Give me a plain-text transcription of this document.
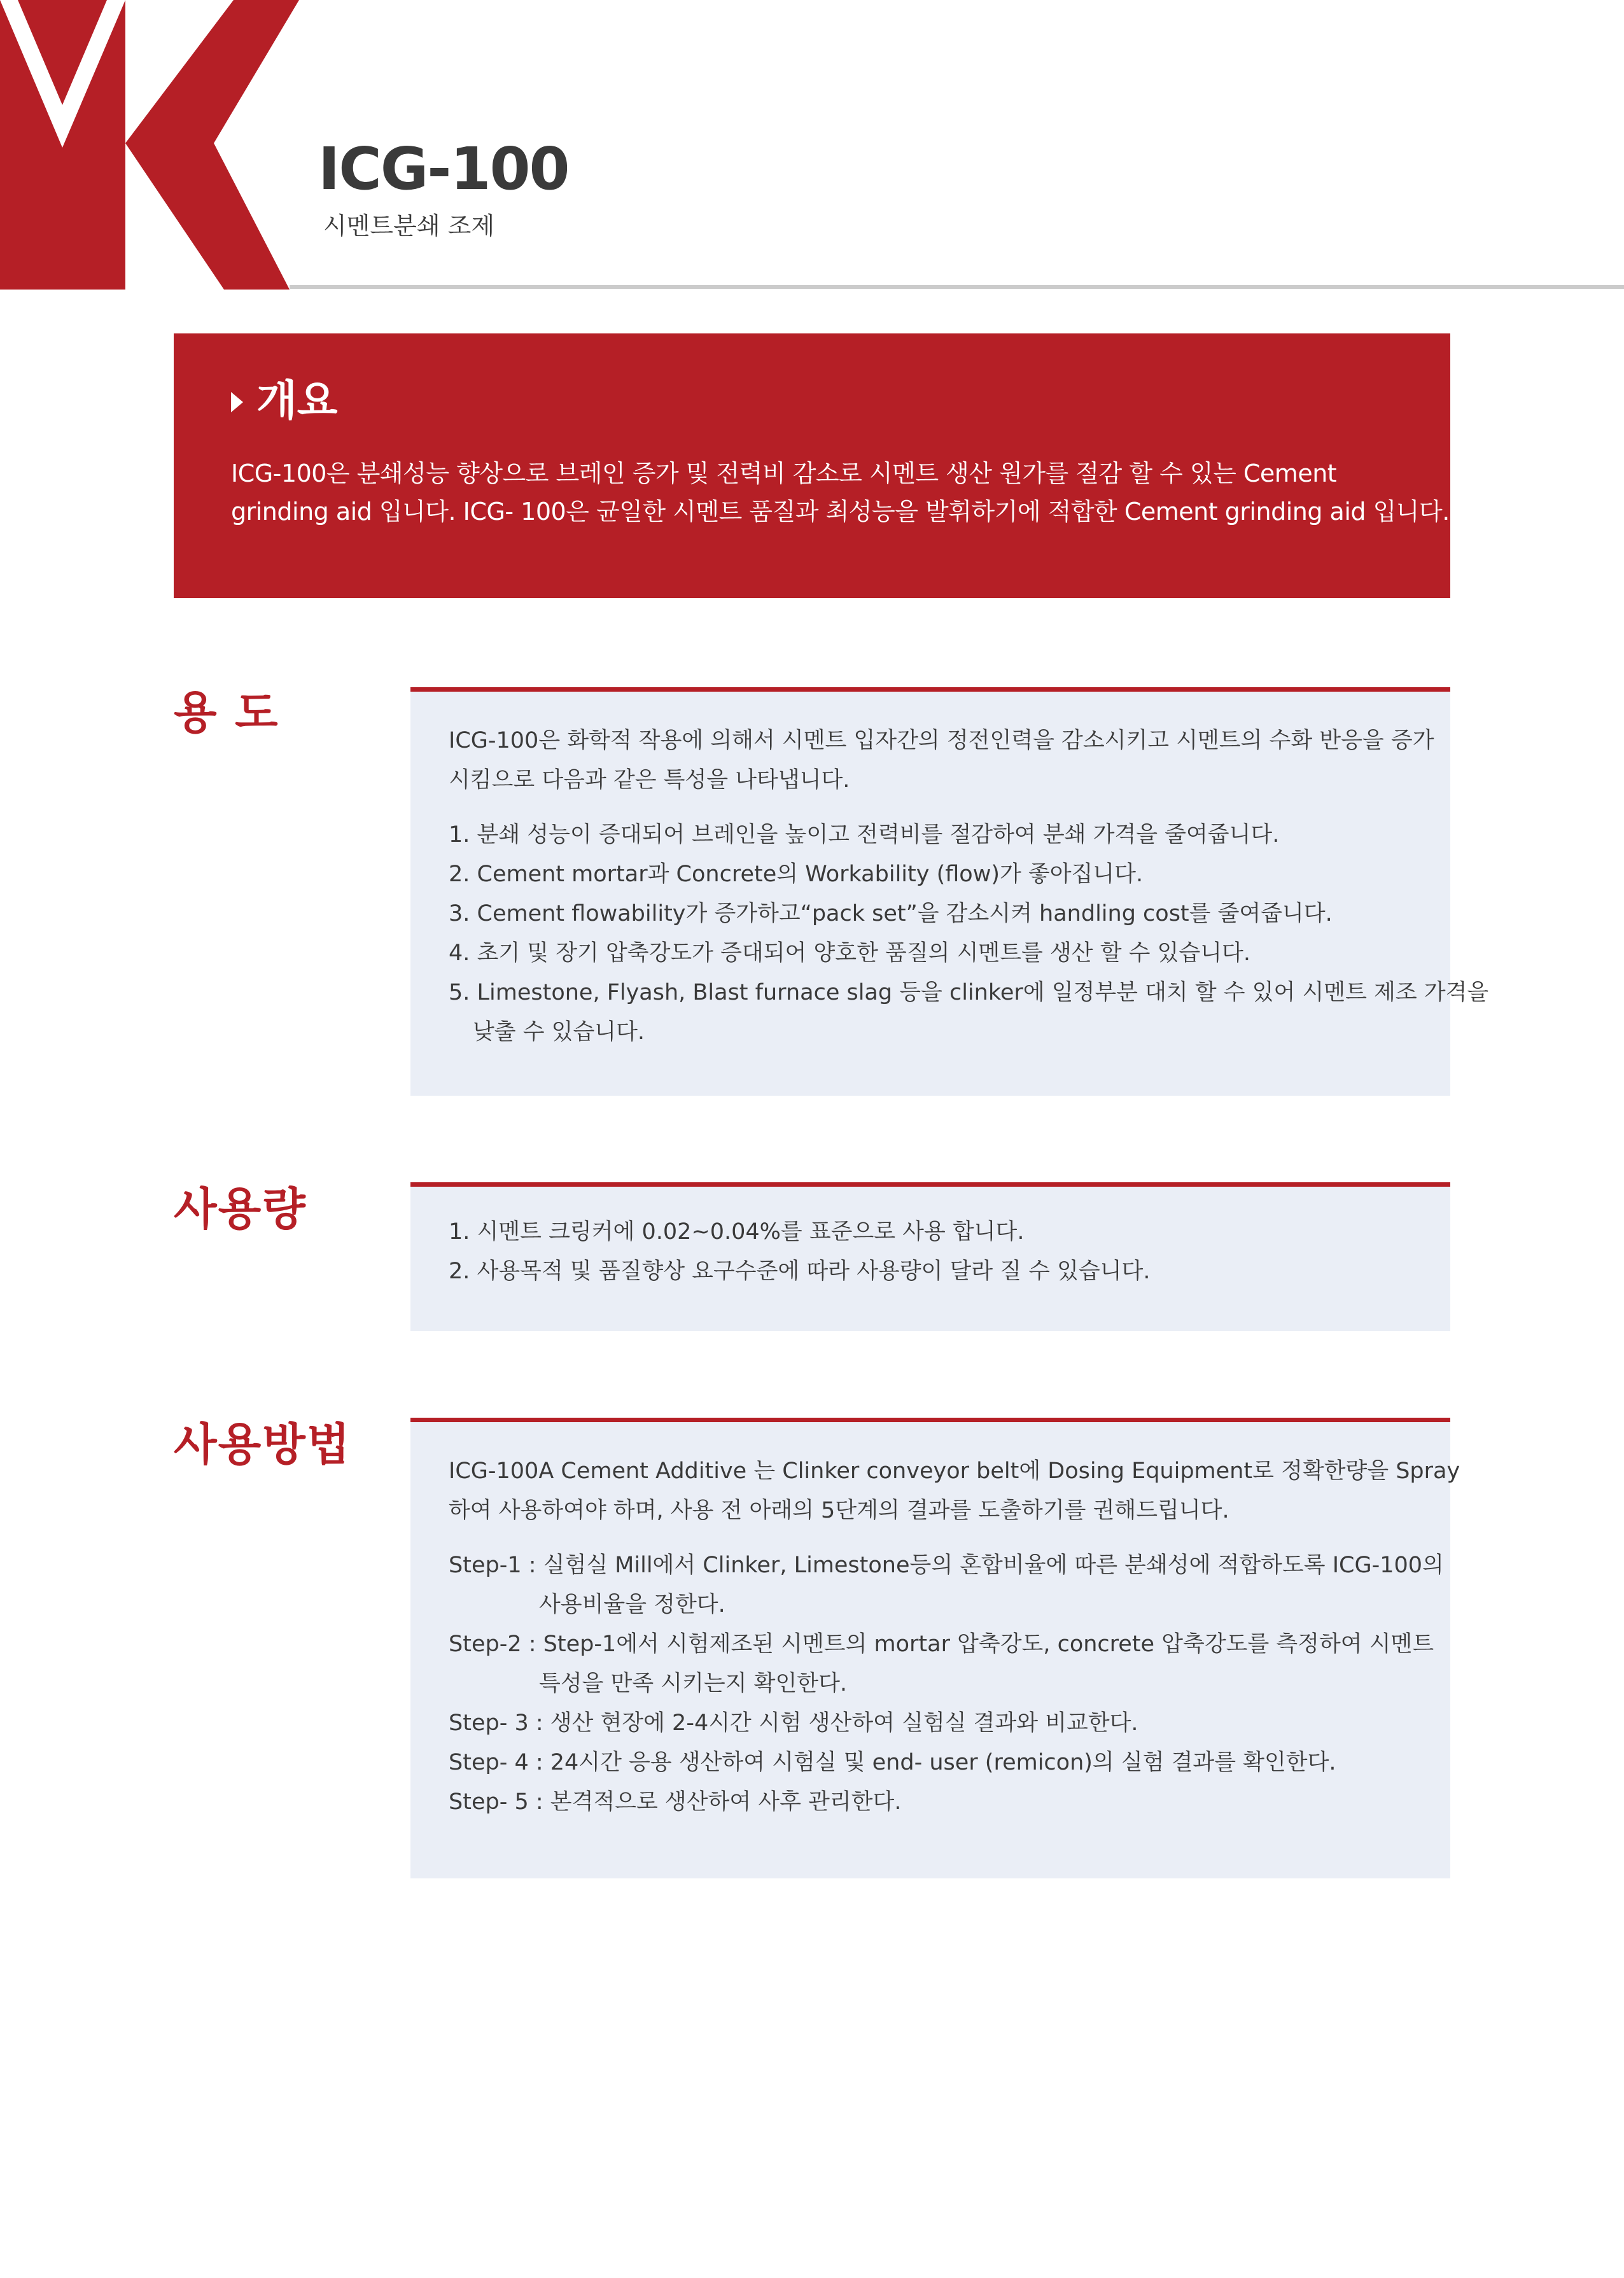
ICG-100
시멘트분쇄 조제
개요

ICG-100은 분쇄성능 향상으로 브레인 증가 및 전력비 감소로 시멘트 생산 원가를 절감 할 수 있는 Cement
grinding aid 입니다. ICG- 100은 균일한 시멘트 품질과 최성능을 발휘하기에 적합한 Cement grinding aid 입니다.

용 도

ICG-100은 화학적 작용에 의해서 시멘트 입자간의 정전인력을 감소시키고 시멘트의 수화 반응을 증가

시킴으로 다음과 같은 특성을 나타냅니다.

1. 분쇄 성능이 증대되어 브레인을 높이고 전력비를 절감하여 분쇄 가격을 줄여줍니다.

2. Cement mortar과 Concrete의 Workability (flow)가 좋아집니다.

3. Cement flowability가 증가하고“pack set”을 감소시켜 handling cost를 줄여줍니다.

4. 초기 및 장기 압축강도가 증대되어 양호한 품질의 시멘트를 생산 할 수 있습니다.

5. Limestone, Flyash, Blast furnace slag 등을 clinker에 일정부분 대치 할 수 있어 시멘트 제조 가격을

낮출 수 있습니다.

사용량	1. 시멘트 크링커에 0.02~0.04%를 표준으로 사용 합니다.

2. 사용목적 및 품질향상 요구수준에 따라 사용량이 달라 질 수 있습니다.

사용방법

ICG-100A Cement Additive 는 Clinker conveyor belt에 Dosing Equipment로 정확한량을 Spray

하여 사용하여야 하며, 사용 전 아래의 5단계의 결과를 도출하기를 권해드립니다.

Step-1 : 실험실 Mill에서 Clinker, Limestone등의 혼합비율에 따른 분쇄성에 적합하도록 ICG-100의

사용비율을 정한다.

Step-2 : Step-1에서 시험제조된 시멘트의 mortar 압축강도, concrete 압축강도를 측정하여 시멘트

특성을 만족 시키는지 확인한다.

Step- 3 : 생산 현장에 2-4시간 시험 생산하여 실험실 결과와 비교한다.

Step- 4 : 24시간 응용 생산하여 시험실 및 end- user (remicon)의 실험 결과를 확인한다.

Step- 5 : 본격적으로 생산하여 사후 관리한다.
